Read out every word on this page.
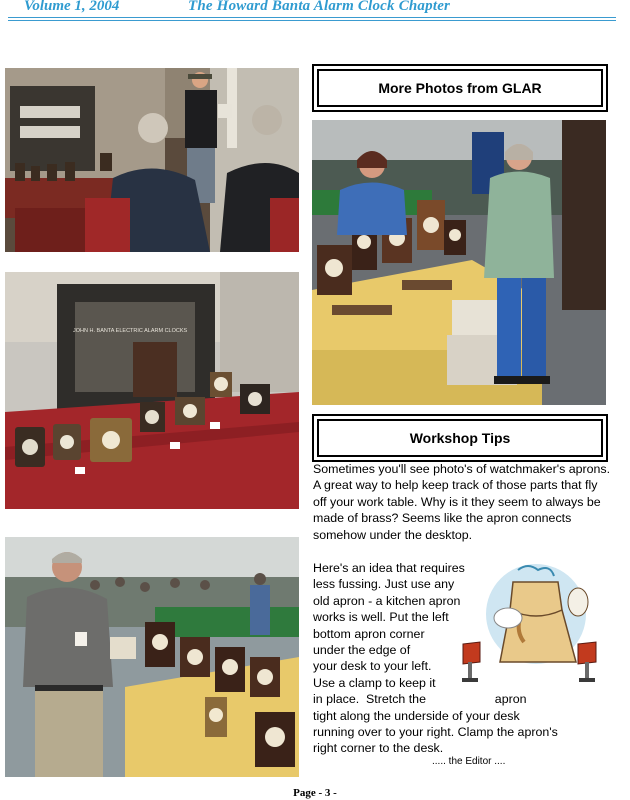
Volume 1, 2004	The Howard Banta Alarm Clock Chapter
JOHN H. BANTA ELECTRIC ALARM CLOCKS
More Photos from GLAR
Workshop Tips
Sometimes you'll see photo's of watchmaker's aprons. A great way to help keep track of those parts that fly off your work table. Why is it they seem to always be made of brass? Seems like the apron connects somehow under the desktop.
Here's an idea that requires
less fussing. Just use any
old apron - a kitchen apron
works is well. Put the left
bottom apron corner
under the edge of
your desk to your left.
Use a clamp to keep it
in place.  Stretch the                    apron
tight along the underside of your desk
running over to your right. Clamp the apron's
right corner to the desk.
..... the Editor ....
Page - 3 -
